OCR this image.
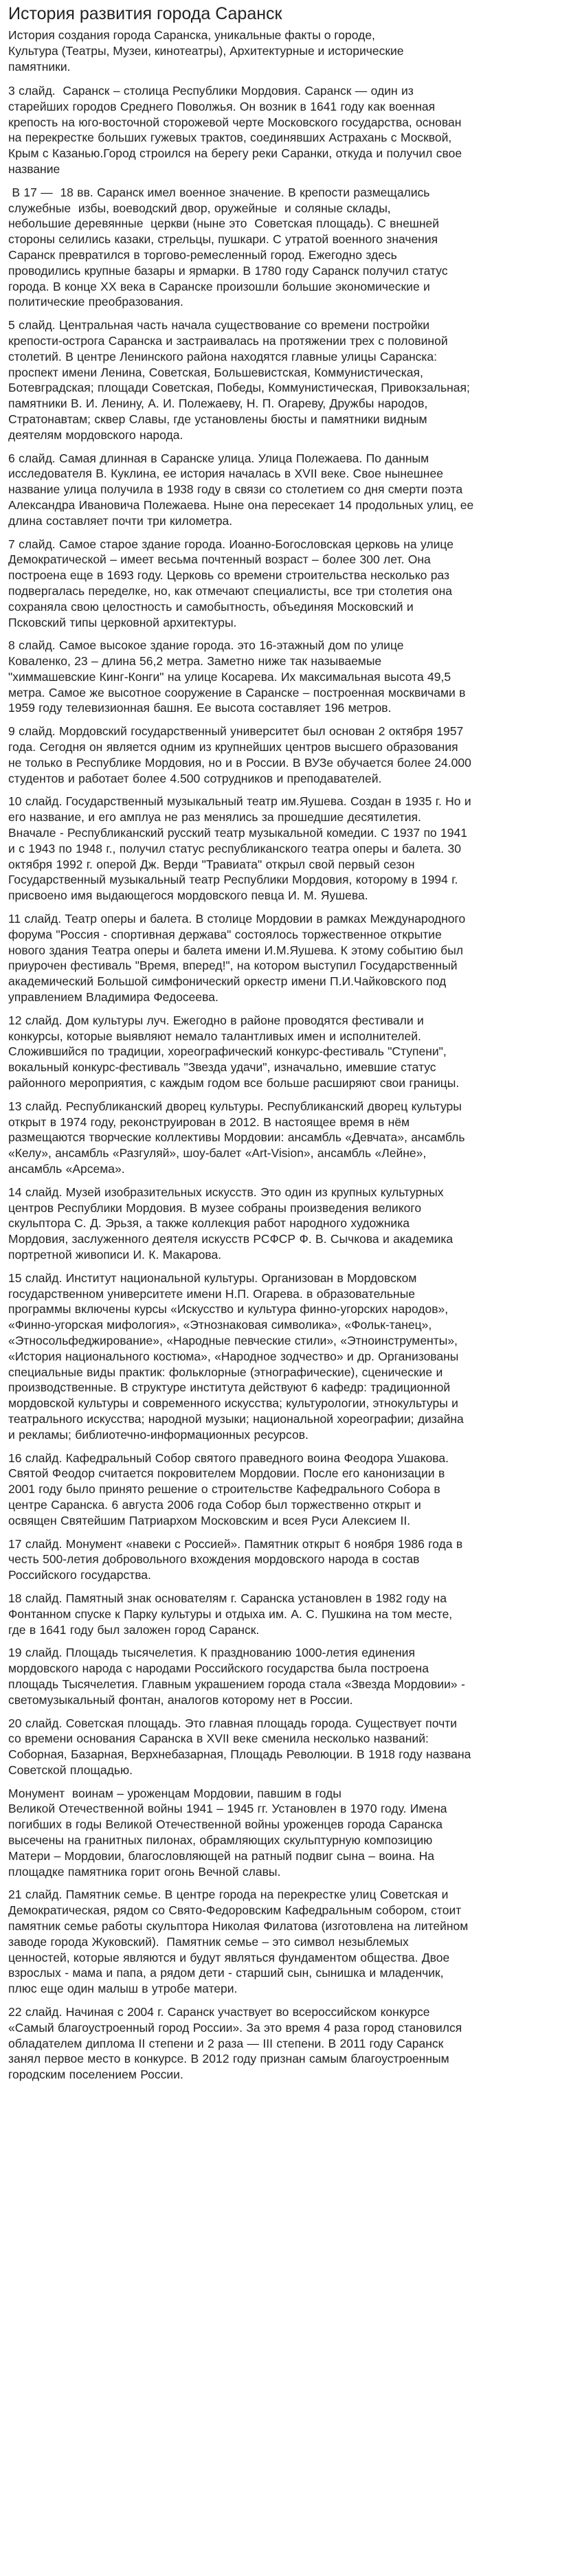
История развития города Саранск
История создания города Саранска, уникальные факты о городе,
Культура (Театры, Музеи, кинотеатры), Архитектурные и исторические
памятники.
3 слайд.  Саранск – столица Республики Мордовия. Саранск — один из
старейших городов Среднего Поволжья. Он возник в 1641 году как военная
крепость на юго-восточной сторожевой черте Московского государства, основан
на перекрестке больших гужевых трактов, соединявших Астрахань с Москвой,
Крым с Казанью.Город строился на берегу реки Саранки, откуда и получил свое
название
В 17 —  18 вв. Саранск имел военное значение. В крепости размещались
служебные  избы, воеводский двор, оружейные  и соляные склады,
небольшие деревянные  церкви (ныне это  Советская площадь). С внешней
стороны селились казаки, стрельцы, пушкари. С утратой военного значения
Саранск превратился в торгово-ремесленный город. Ежегодно здесь
проводились крупные базары и ярмарки. В 1780 году Саранск получил статус
города. В конце XX века в Саранске произошли большие экономические и
политические преобразования.
5 слайд. Центральная часть начала существование со времени постройки
крепости-острога Саранска и застраивалась на протяжении трех с половиной
столетий. В центре Ленинского района находятся главные улицы Саранска:
проспект имени Ленина, Советская, Большевистская, Коммунистическая,
Ботевградская; площади Советская, Победы, Коммунистическая, Привокзальная;
памятники В. И. Ленину, А. И. Полежаеву, Н. П. Огареву, Дружбы народов,
Стратонавтам; сквер Славы, где установлены бюсты и памятники видным
деятелям мордовского народа.
6 слайд. Самая длинная в Саранске улица. Улица Полежаева. По данным
исследователя В. Куклина, ее история началась в XVII веке. Свое нынешнее
название улица получила в 1938 году в связи со столетием со дня смерти поэта
Александра Ивановича Полежаева. Ныне она пересекает 14 продольных улиц, ее
длина составляет почти три километра.
7 слайд. Самое старое здание города. Иоанно-Богословская церковь на улице
Демократической – имеет весьма почтенный возраст – более 300 лет. Она
построена еще в 1693 году. Церковь со времени строительства несколько раз
подвергалась переделке, но, как отмечают специалисты, все три столетия она
сохраняла свою целостность и самобытность, объединяя Московский и
Псковский типы церковной архитектуры.
8 слайд. Самое высокое здание города. это 16-этажный дом по улице
Коваленко, 23 – длина 56,2 метра. Заметно ниже так называемые
"химмашевские Кинг-Конги" на улице Косарева. Их максимальная высота 49,5
метра. Самое же высотное сооружение в Саранске – построенная москвичами в
1959 году телевизионная башня. Ее высота составляет 196 метров.
9 слайд. Мордовский государственный университет был основан 2 октября 1957
года. Сегодня он является одним из крупнейших центров высшего образования
не только в Республике Мордовия, но и в России. В ВУЗе обучается более 24.000
студентов и работает более 4.500 сотрудников и преподавателей.
10 слайд. Государственный музыкальный театр им.Яушева. Создан в 1935 г. Но и
его название, и его амплуа не раз менялись за прошедшие десятилетия.
Вначале - Республиканский русский театр музыкальной комедии. С 1937 по 1941
и с 1943 по 1948 г., получил статус республиканского театра оперы и балета. 30
октября 1992 г. оперой Дж. Верди "Травиата" открыл свой первый сезон
Государственный музыкальный театр Республики Мордовия, которому в 1994 г.
присвоено имя выдающегося мордовского певца И. М. Яушева.
11 слайд. Театр оперы и балета. В столице Мордовии в рамках Международного
форума "Россия - спортивная держава" состоялось торжественное открытие
нового здания Театра оперы и балета имени И.М.Яушева. К этому событию был
приурочен фестиваль "Время, вперед!", на котором выступил Государственный
академический Большой симфонический оркестр имени П.И.Чайковского под
управлением Владимира Федосеева.
12 слайд. Дом культуры луч. Ежегодно в районе проводятся фестивали и
конкурсы, которые выявляют немало талантливых имен и исполнителей.
Сложившийся по традиции, хореографический конкурс-фестиваль "Ступени",
вокальный конкурс-фестиваль "Звезда удачи", изначально, имевшие статус
районного мероприятия, с каждым годом все больше расширяют свои границы.
13 слайд. Республиканский дворец культуры. Республиканский дворец культуры
открыт в 1974 году, реконструирован в 2012. В настоящее время в нём
размещаются творческие коллективы Мордовии: ансамбль «Девчата», ансамбль
«Келу», ансамбль «Разгуляй», шоу-балет «Art-Vision», ансамбль «Лейне»,
ансамбль «Арсема».
14 слайд. Музей изобразительных искусств. Это один из крупных культурных
центров Республики Мордовия. В музее собраны произведения великого
скульптора С. Д. Эрьзя, а также коллекция работ народного художника
Мордовия, заслуженного деятеля искусств РСФСР Ф. В. Сычкова и академика
портретной живописи И. К. Макарова.
15 слайд. Институт национальной культуры. Организован в Мордовском
государственном университете имени Н.П. Огарева. в образовательные
программы включены курсы «Искусство и культура финно-угорских народов»,
«Финно-угорская мифология», «Этнознаковая символика», «Фольк-танец»,
«Этносольфеджирование», «Народные певческие стили», «Этноинструменты»,
«История национального костюма», «Народное зодчество» и др. Организованы
специальные виды практик: фольклорные (этнографические), сценические и
производственные. В структуре института действуют 6 кафедр: традиционной
мордовской культуры и современного искусства; культурологии, этнокультуры и
театрального искусства; народной музыки; национальной хореографии; дизайна
и рекламы; библиотечно-информационных ресурсов.
16 слайд. Кафедральный Собор святого праведного воина Феодора Ушакова.
Святой Феодор считается покровителем Мордовии. После его канонизации в
2001 году было принято решение о строительстве Кафедрального Собора в
центре Саранска. 6 августа 2006 года Собор был торжественно открыт и
освящен Святейшим Патриархом Московским и всея Руси Алексием II.
17 слайд. Монумент «навеки с Россией». Памятник открыт 6 ноября 1986 года в
честь 500-летия добровольного вхождения мордовского народа в состав
Российского государства.
18 слайд. Памятный знак основателям г. Саранска установлен в 1982 году на
Фонтанном спуске к Парку культуры и отдыха им. А. С. Пушкина на том месте,
где в 1641 году был заложен город Саранск.
19 слайд. Площадь тысячелетия. К празднованию 1000-летия единения
мордовского народа с народами Российского государства была построена
площадь Тысячелетия. Главным украшением города стала «Звезда Мордовии» -
светомузыкальный фонтан, аналогов которому нет в России.
20 слайд. Советская площадь. Это главная площадь города. Существует почти
со времени основания Саранска в XVII веке сменила несколько названий:
Соборная, Базарная, Верхнебазарная, Площадь Революции. В 1918 году названа
Советской площадью.
Монумент  воинам – уроженцам Мордовии, павшим в годы
Великой Отечественной войны 1941 – 1945 гг. Установлен в 1970 году. Имена
погибших в годы Великой Отечественной войны уроженцев города Саранска
высечены на гранитных пилонах, обрамляющих скульптурную композицию
Матери – Мордовии, благословляющей на ратный подвиг сына – воина. На
площадке памятника горит огонь Вечной славы.
21 слайд. Памятник семье. В центре города на перекрестке улиц Советская и
Демократическая, рядом со Свято-Федоровским Кафедральным собором, стоит
памятник семье работы скульптора Николая Филатова (изготовлена на литейном
заводе города Жуковский).  Памятник семье – это символ незыблемых
ценностей, которые являются и будут являться фундаментом общества. Двое
взрослых - мама и папа, а рядом дети - старший сын, сынишка и младенчик,
плюс еще один малыш в утробе матери.
22 слайд. Начиная с 2004 г. Саранск участвует во всероссийском конкурсе
«Самый благоустроенный город России». За это время 4 раза город становился
обладателем диплома II степени и 2 раза — III степени. В 2011 году Саранск
занял первое место в конкурсе. В 2012 году признан самым благоустроенным
городским поселением России.
